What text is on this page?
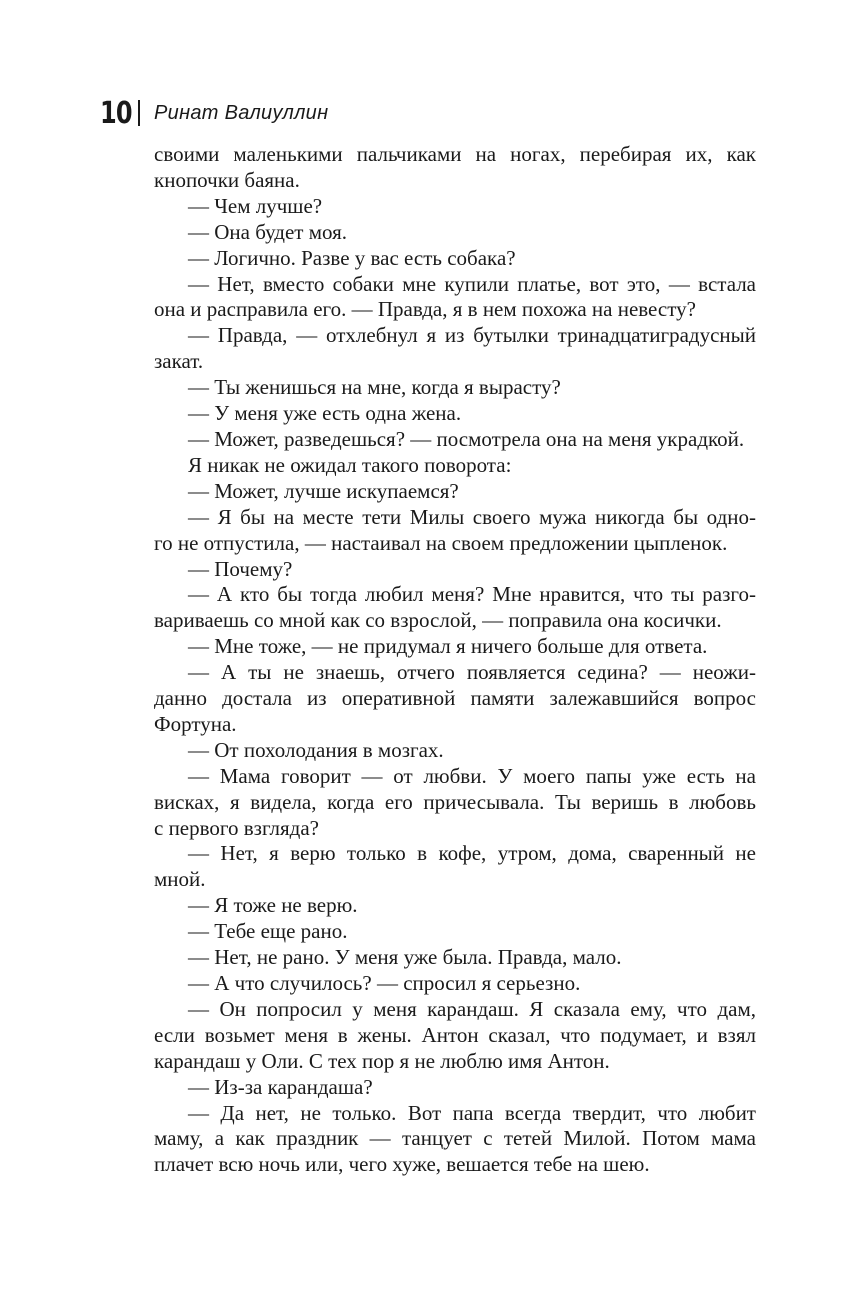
10 Ринат Валиуллин
своими маленькими пальчиками на ногах, перебирая их, как
кнопочки баяна.
— Чем лучше?
— Она будет моя.
— Логично. Разве у вас есть собака?
— Нет, вместо собаки мне купили платье, вот это, — встала
она и расправила его. — Правда, я в нем похожа на невесту?
— Правда, — отхлебнул я из бутылки тринадцатиградусный
закат.
— Ты женишься на мне, когда я вырасту?
— У меня уже есть одна жена.
— Может, разведешься? — посмотрела она на меня украдкой.
Я никак не ожидал такого поворота:
— Может, лучше искупаемся?
— Я бы на месте тети Милы своего мужа никогда бы одно-
го не отпустила, — настаивал на своем предложении цыпленок.
— Почему?
— А кто бы тогда любил меня? Мне нравится, что ты разго-
вариваешь со мной как со взрослой, — поправила она косички.
— Мне тоже, — не придумал я ничего больше для ответа.
— А ты не знаешь, отчего появляется седина? — неожи-
данно достала из оперативной памяти залежавшийся вопрос
Фортуна.
— От похолодания в мозгах.
— Мама говорит — от любви. У моего папы уже есть на
висках, я видела, когда его причесывала. Ты веришь в любовь
с первого взгляда?
— Нет, я верю только в кофе, утром, дома, сваренный не
мной.
— Я тоже не верю.
— Тебе еще рано.
— Нет, не рано. У меня уже была. Правда, мало.
— А что случилось? — спросил я серьезно.
— Он попросил у меня карандаш. Я сказала ему, что дам,
если возьмет меня в жены. Антон сказал, что подумает, и взял
карандаш у Оли. С тех пор я не люблю имя Антон.
— Из-за карандаша?
— Да нет, не только. Вот папа всегда твердит, что любит
маму, а как праздник — танцует с тетей Милой. Потом мама
плачет всю ночь или, чего хуже, вешается тебе на шею.
